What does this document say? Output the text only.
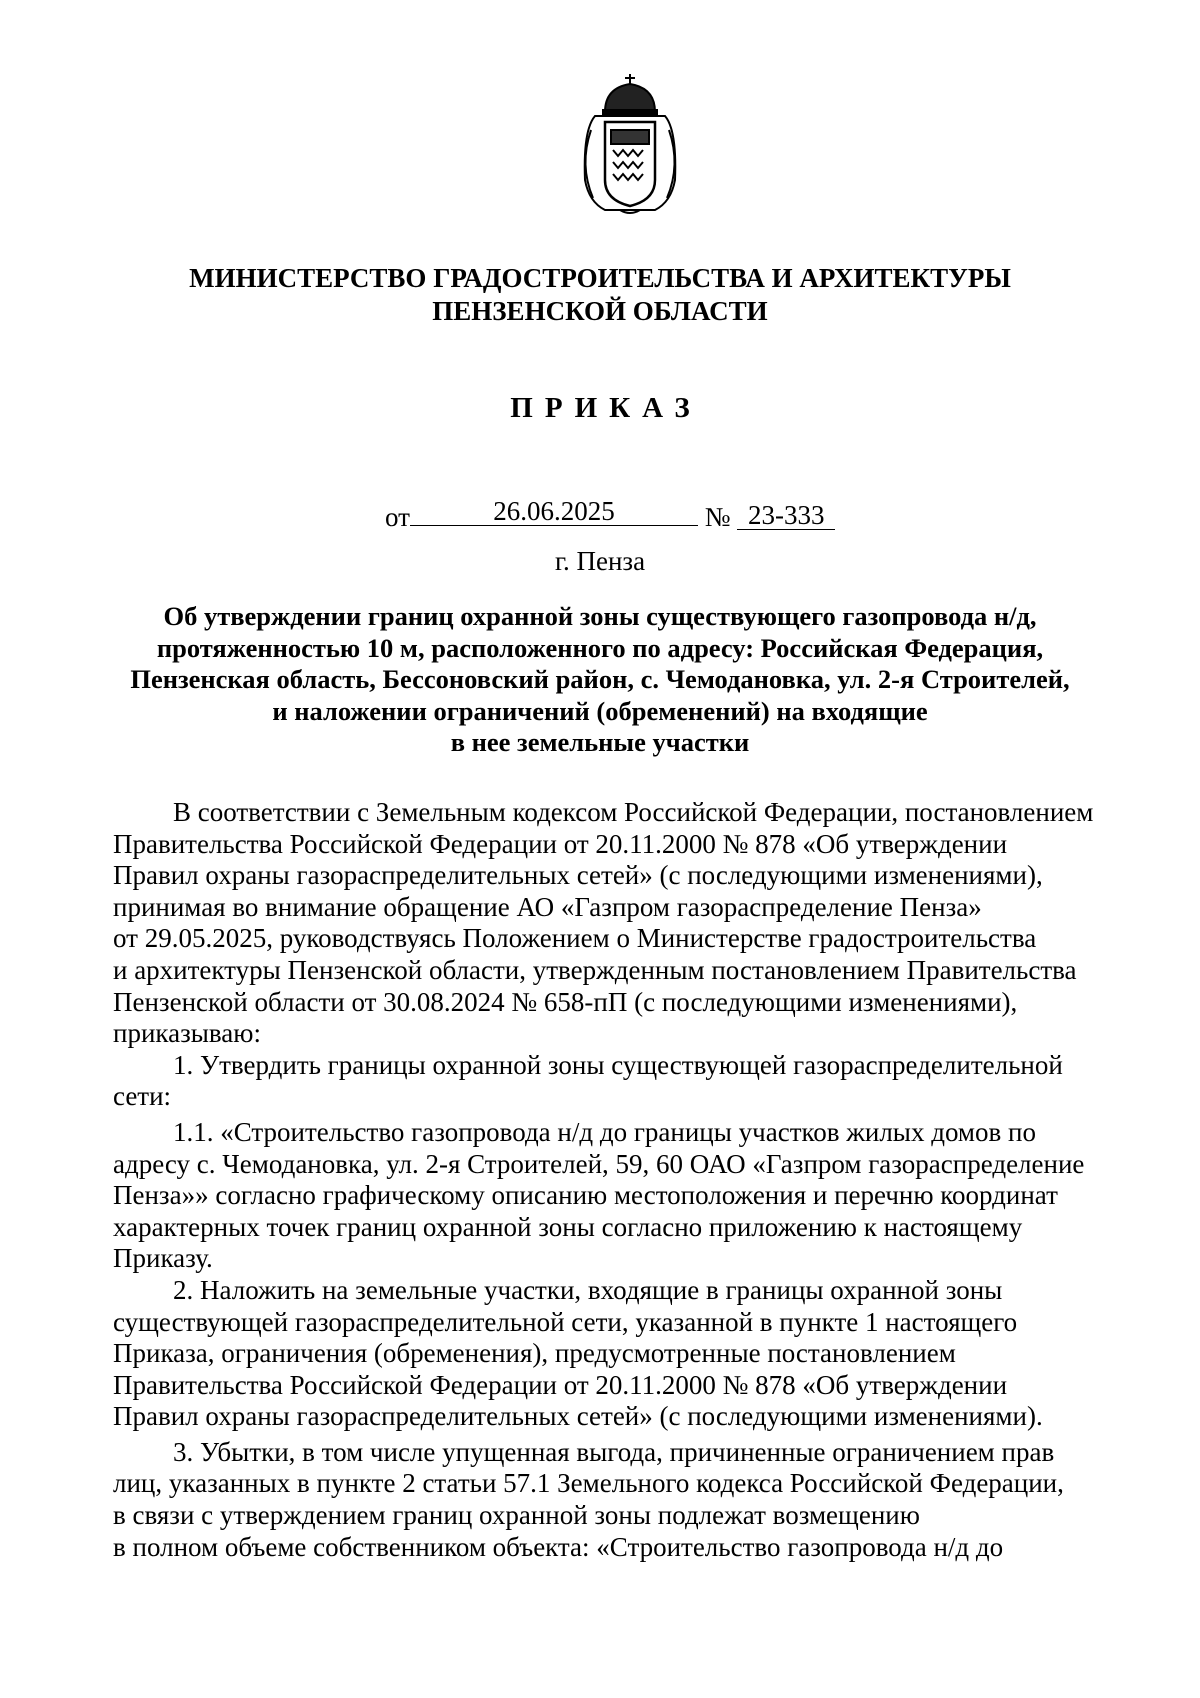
МИНИСТЕРСТВО ГРАДОСТРОИТЕЛЬСТВА И АРХИТЕКТУРЫ
ПЕНЗЕНСКОЙ ОБЛАСТИ
ПРИКАЗ
от	26.06.2025	№ 23-333
г. Пенза
Об утверждении границ охранной зоны существующего газопровода н/д,
протяженностью 10 м, расположенного по адресу: Российская Федерация,
Пензенская область, Бессоновский район, с. Чемодановка, ул. 2-я Строителей,
и наложении ограничений (обременений) на входящие
в нее земельные участки
В соответствии с Земельным кодексом Российской Федерации, постановлением
Правительства Российской Федерации от 20.11.2000 № 878 «Об утверждении
Правил охраны газораспределительных сетей» (с последующими изменениями),
принимая во внимание обращение АО «Газпром газораспределение Пенза»
от 29.05.2025, руководствуясь Положением о Министерстве градостроительства
и архитектуры Пензенской области, утвержденным постановлением Правительства
Пензенской области от 30.08.2024 № 658-пП (с последующими изменениями),
приказываю:
1. Утвердить границы охранной зоны существующей газораспределительной
сети:
1.1. «Строительство газопровода н/д до границы участков жилых домов по
адресу с. Чемодановка, ул. 2-я Строителей, 59, 60 ОАО «Газпром газораспределение
Пенза»» согласно графическому описанию местоположения и перечню координат
характерных точек границ охранной зоны согласно приложению к настоящему
Приказу.
2. Наложить на земельные участки, входящие в границы охранной зоны
существующей газораспределительной сети, указанной в пункте 1 настоящего
Приказа, ограничения (обременения), предусмотренные постановлением
Правительства Российской Федерации от 20.11.2000 № 878 «Об утверждении
Правил охраны газораспределительных сетей» (с последующими изменениями).
3. Убытки, в том числе упущенная выгода, причиненные ограничением прав
лиц, указанных в пункте 2 статьи 57.1 Земельного кодекса Российской Федерации,
в связи с утверждением границ охранной зоны подлежат возмещению
в полном объеме собственником объекта: «Строительство газопровода н/д до
